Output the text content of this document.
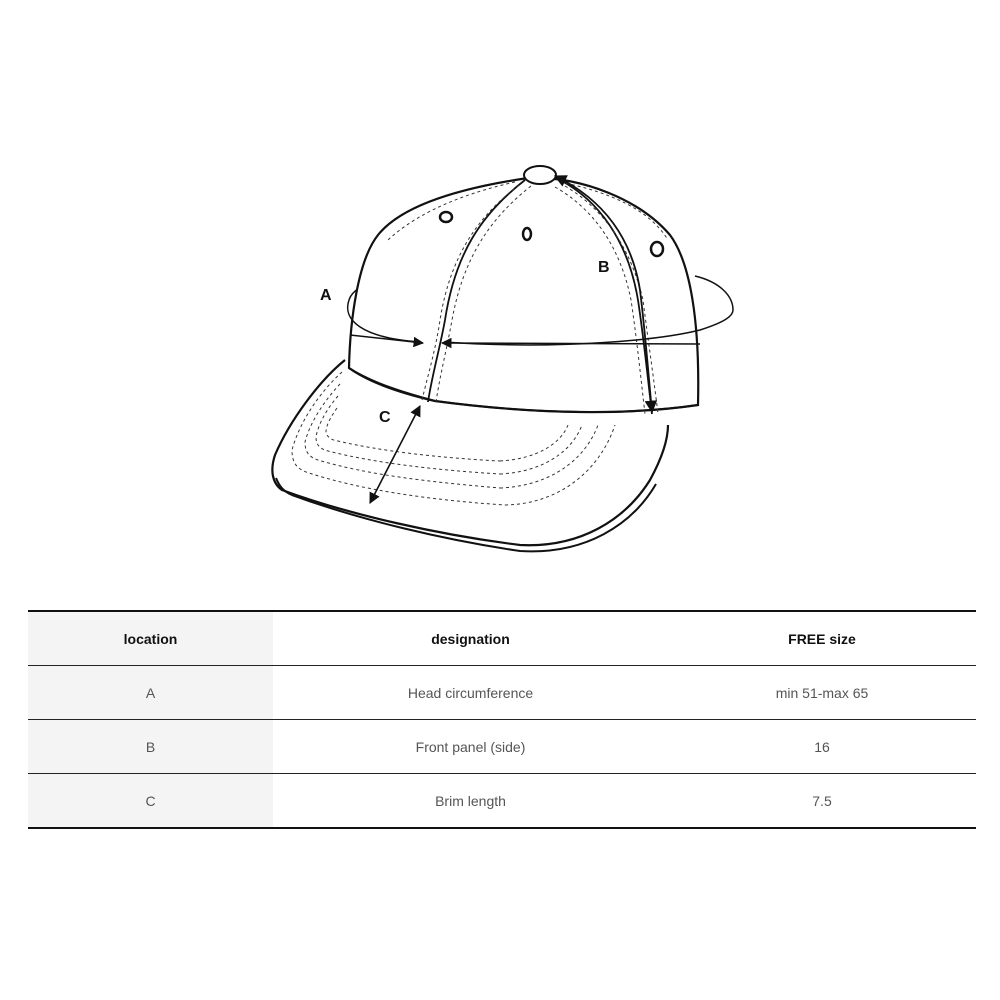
A
B
C
location	designation	FREE size
A	Head circumference	min 51-max 65
B	Front panel (side)	16
C	Brim length	7.5
